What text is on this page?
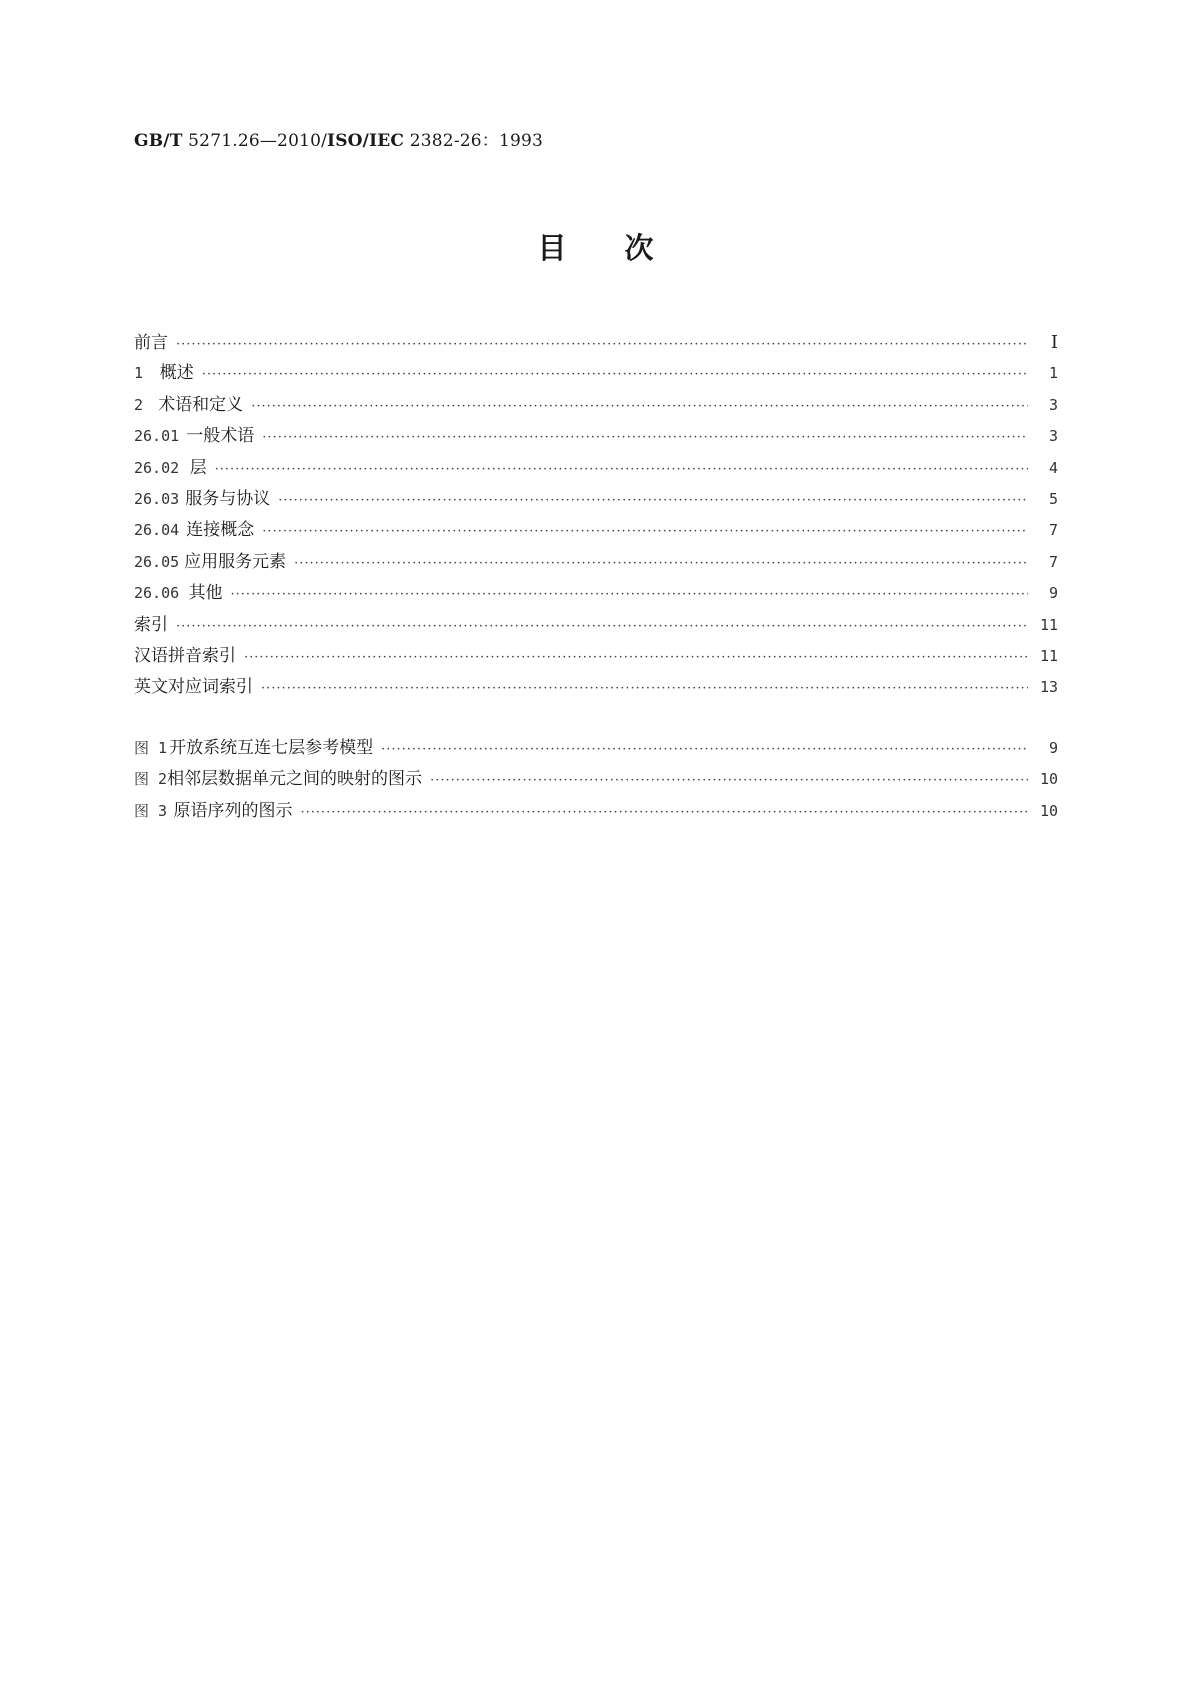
GB/T 5271.26—2010/ISO/IEC 2382-26：1993
目 次
前言 ·····	Ⅰ
1 概述 ·····	1
2 术语和定义 ·····	3
26.01 一般术语 ·····	3
26.02 层 ·····	4
26.03 服务与协议 ·····	5
26.04 连接概念 ·····	7
26.05 应用服务元素 ·····	7
26.06 其他 ·····	9
索引 ·····	11
汉语拼音索引 ·····	11
英文对应词索引 ·····	13
图 1 开放系统互连七层参考模型 ·····	9
图 2 相邻层数据单元之间的映射的图示 ·····	10
图 3 原语序列的图示 ·····	10
